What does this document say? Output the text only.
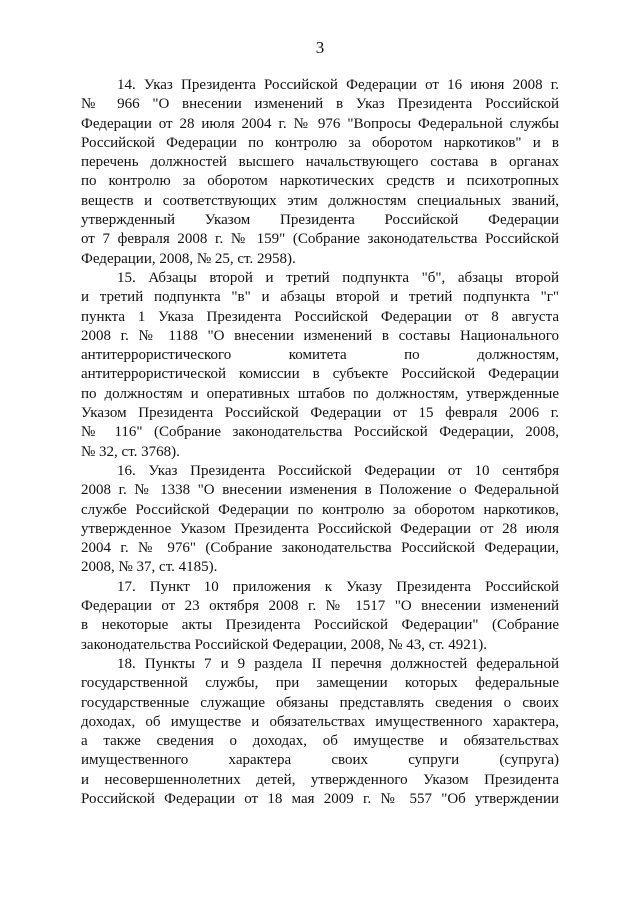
3
14. Указ Президента Российской Федерации от 16 июня 2008 г.
№ 966 "О внесении изменений в Указ Президента Российской
Федерации от 28 июля 2004 г. № 976 "Вопросы Федеральной службы
Российской Федерации по контролю за оборотом наркотиков" и в
перечень должностей высшего начальствующего состава в органах
по контролю за оборотом наркотических средств и психотропных
веществ и соответствующих этим должностям специальных званий,
утвержденный Указом Президента Российской Федерации
от 7 февраля 2008 г. № 159" (Собрание законодательства Российской
Федерации, 2008, № 25, ст. 2958).
15. Абзацы второй и третий подпункта "б", абзацы второй
и третий подпункта "в" и абзацы второй и третий подпункта "г"
пункта 1 Указа Президента Российской Федерации от 8 августа
2008 г. № 1188 "О внесении изменений в составы Национального
антитеррористического комитета по должностям,
антитеррористической комиссии в субъекте Российской Федерации
по должностям и оперативных штабов по должностям, утвержденные
Указом Президента Российской Федерации от 15 февраля 2006 г.
№ 116" (Собрание законодательства Российской Федерации, 2008,
№ 32, ст. 3768).
16. Указ Президента Российской Федерации от 10 сентября
2008 г. № 1338 "О внесении изменения в Положение о Федеральной
службе Российской Федерации по контролю за оборотом наркотиков,
утвержденное Указом Президента Российской Федерации от 28 июля
2004 г. № 976" (Собрание законодательства Российской Федерации,
2008, № 37, ст. 4185).
17. Пункт 10 приложения к Указу Президента Российской
Федерации от 23 октября 2008 г. № 1517 "О внесении изменений
в некоторые акты Президента Российской Федерации" (Собрание
законодательства Российской Федерации, 2008, № 43, ст. 4921).
18. Пункты 7 и 9 раздела II перечня должностей федеральной
государственной службы, при замещении которых федеральные
государственные служащие обязаны представлять сведения о своих
доходах, об имуществе и обязательствах имущественного характера,
а также сведения о доходах, об имуществе и обязательствах
имущественного характера своих супруги (супруга)
и несовершеннолетних детей, утвержденного Указом Президента
Российской Федерации от 18 мая 2009 г. № 557 "Об утверждении
